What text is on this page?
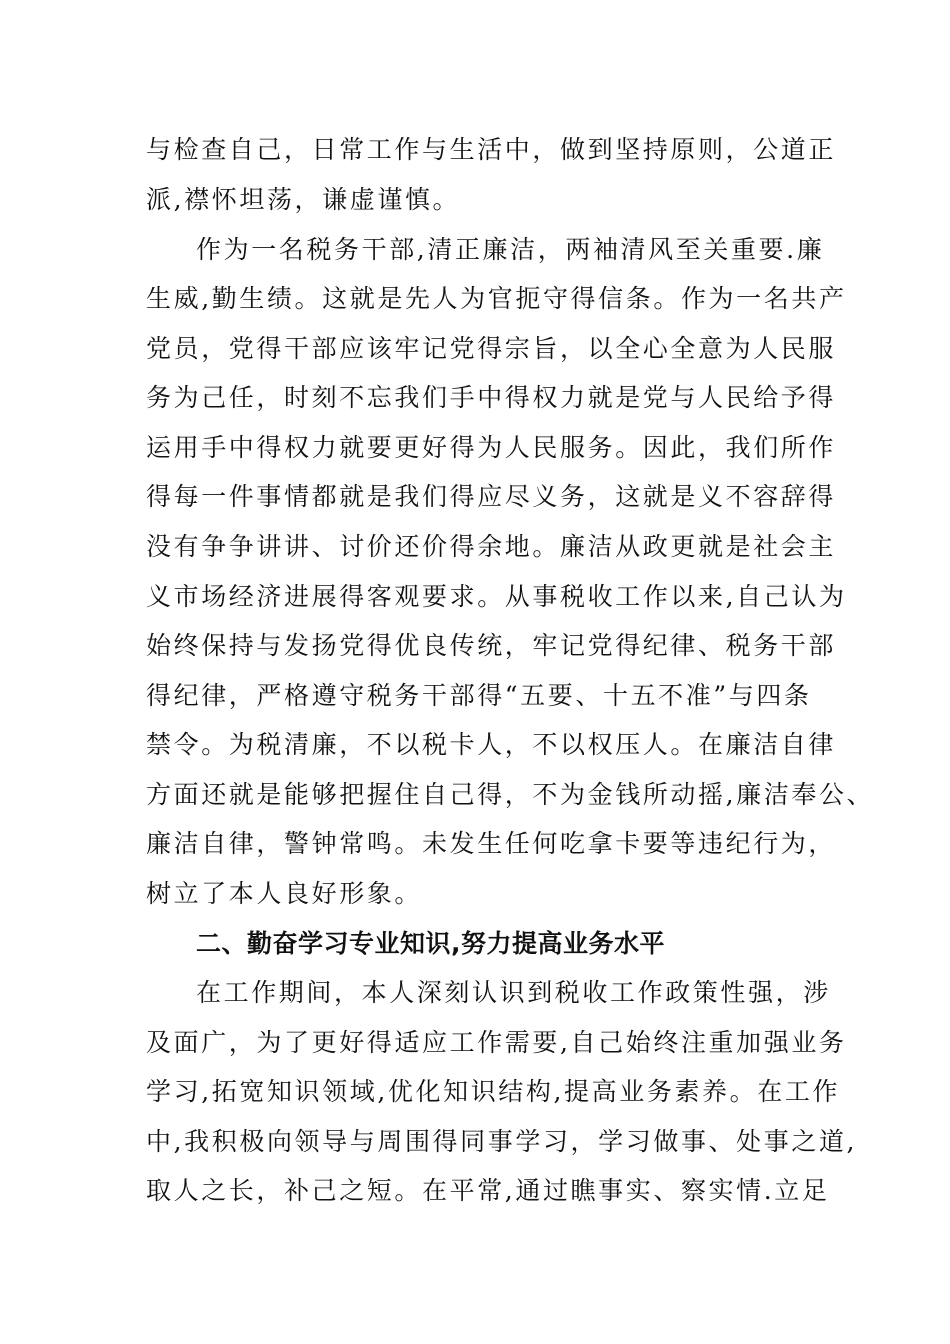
与检查自己，日常工作与生活中，做到坚持原则，公道正
派,襟怀坦荡，谦虚谨慎。
作为一名税务干部,清正廉洁，两袖清风至关重要.廉
生威,勤生绩。这就是先人为官扼守得信条。作为一名共产
党员，党得干部应该牢记党得宗旨，以全心全意为人民服
务为己任，时刻不忘我们手中得权力就是党与人民给予得
运用手中得权力就要更好得为人民服务。因此，我们所作
得每一件事情都就是我们得应尽义务，这就是义不容辞得
没有争争讲讲、讨价还价得余地。廉洁从政更就是社会主
义市场经济进展得客观要求。从事税收工作以来,自己认为
始终保持与发扬党得优良传统，牢记党得纪律、税务干部
得纪律，严格遵守税务干部得“五要、十五不准”与四条
禁令。为税清廉，不以税卡人，不以权压人。在廉洁自律
方面还就是能够把握住自己得，不为金钱所动摇,廉洁奉公、
廉洁自律，警钟常鸣。未发生任何吃拿卡要等违纪行为，
树立了本人良好形象。
二、勤奋学习专业知识,努力提高业务水平
在工作期间，本人深刻认识到税收工作政策性强，涉
及面广，为了更好得适应工作需要,自己始终注重加强业务
学习,拓宽知识领域,优化知识结构,提高业务素养。在工作
中,我积极向领导与周围得同事学习，学习做事、处事之道,
取人之长，补己之短。在平常,通过瞧事实、察实情.立足
